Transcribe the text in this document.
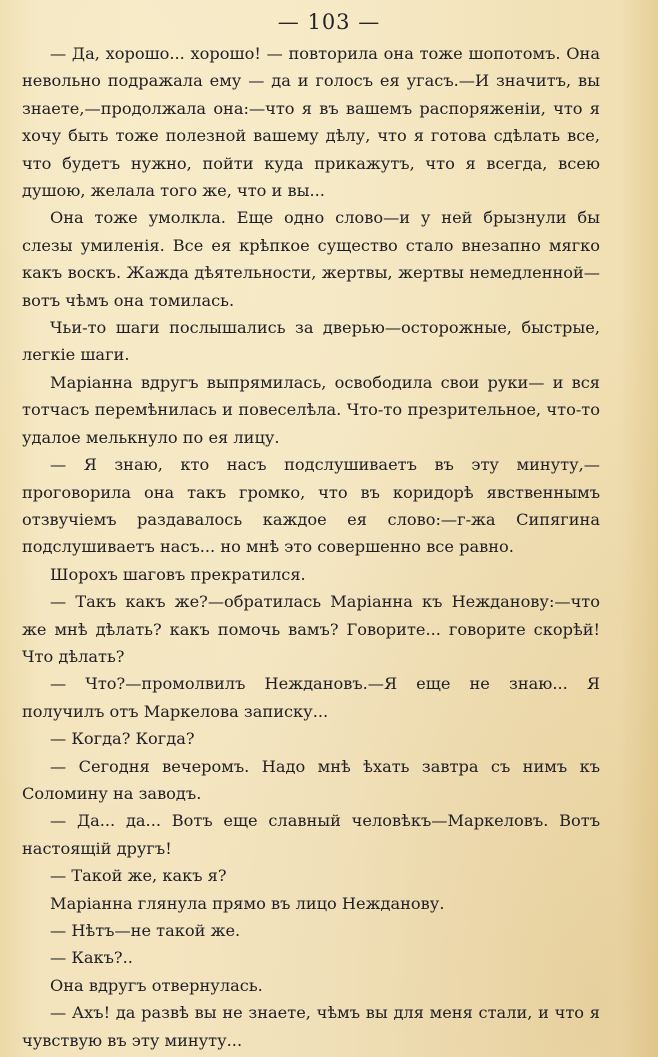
— 103 —

— Да, хорошо... хорошо! — повторила она тоже шопотомъ. Она невольно подражала ему — да и голосъ ея угасъ.—И значитъ, вы знаете,—продолжала она:—что я въ вашемъ распоряженіи, что я хочу быть тоже полезной вашему дѣлу, что я готова сдѣлать все, что будетъ нужно, пойти куда прикажутъ, что я всегда, всею душою, желала того же, что и вы...

Она тоже умолкла. Еще одно слово—и у ней брызнули бы слезы умиленія. Все ея крѣпкое существо стало внезапно мягко какъ воскъ. Жажда дѣятельности, жертвы, жертвы немедленной—вотъ чѣмъ она томилась.

Чьи-то шаги послышались за дверью—осторожные, быстрые, легкіе шаги.

Маріанна вдругъ выпрямилась, освободила свои руки— и вся тотчасъ перемѣнилась и повеселѣла. Что-то презрительное, что-то удалое мелькнуло по ея лицу.

— Я знаю, кто насъ подслушиваетъ въ эту минуту,— проговорила она такъ громко, что въ коридорѣ явственнымъ отзвучіемъ раздавалось каждое ея слово:—г-жа Сипягина подслушиваетъ насъ... но мнѣ это совершенно все равно.

Шорохъ шаговъ прекратился.

— Такъ какъ же?—обратилась Маріанна къ Нежданову:—что же мнѣ дѣлать? какъ помочь вамъ? Говорите... говорите скорѣй! Что дѣлать?

— Что?—промолвилъ Неждановъ.—Я еще не знаю... Я получилъ отъ Маркелова записку...

— Когда? Когда?

— Сегодня вечеромъ. Надо мнѣ ѣхать завтра съ нимъ къ Соломину на заводъ.

— Да... да... Вотъ еще славный человѣкъ—Маркеловъ. Вотъ настоящій другъ!

— Такой же, какъ я?

Маріанна глянула прямо въ лицо Нежданову.

— Нѣтъ—не такой же.

— Какъ?..

Она вдругъ отвернулась.

— Ахъ! да развѣ вы не знаете, чѣмъ вы для меня стали, и что я чувствую въ эту минуту...
